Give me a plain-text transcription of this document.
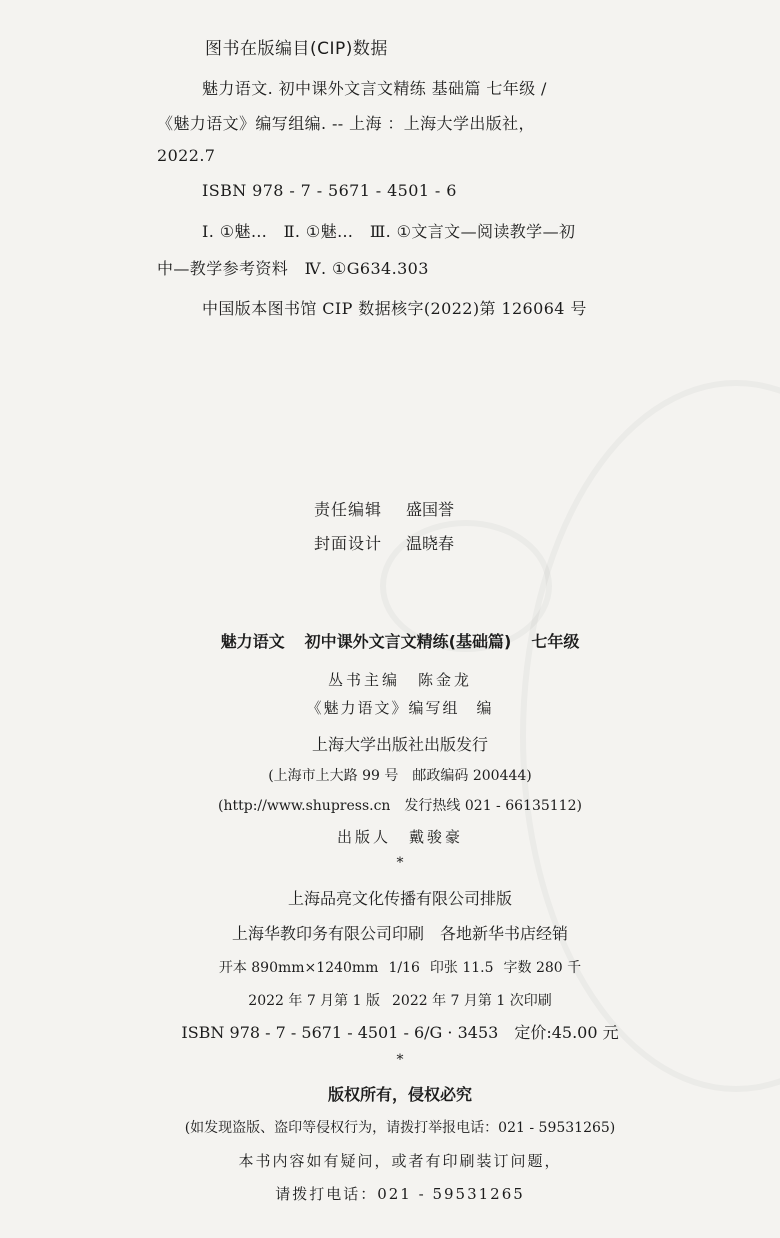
图书在版编目(CIP)数据
魅力语文. 初中课外文言文精练 基础篇 七年级 /
《魅力语文》编写组编. -- 上海 ：上海大学出版社，
2022.7
ISBN 978 - 7 - 5671 - 4501 - 6
Ⅰ. ①魅…　Ⅱ. ①魅…　Ⅲ. ①文言文—阅读教学—初
中—教学参考资料　Ⅳ. ①G634.303
中国版本图书馆 CIP 数据核字(2022)第 126064 号
责任编辑 盛国誉
封面设计 温晓春
魅力语文 初中课外文言文精练(基础篇) 七年级
丛书主编　陈金龙
《魅力语文》编写组　编
上海大学出版社出版发行
(上海市上大路 99 号　邮政编码 200444)
(http://www.shupress.cn　发行热线 021 - 66135112)
出版人　戴骏豪
*
上海品亮文化传播有限公司排版
上海华教印务有限公司印刷　各地新华书店经销
开本 890mm×1240mm 1/16 印张 11.5 字数 280 千
2022 年 7 月第 1 版 2022 年 7 月第 1 次印刷
ISBN 978 - 7 - 5671 - 4501 - 6/G · 3453 定价:45.00 元
*
版权所有，侵权必究
(如发现盗版、盗印等侵权行为，请拨打举报电话：021 - 59531265)
本书内容如有疑问，或者有印刷装订问题，
请拨打电话：021 - 59531265
